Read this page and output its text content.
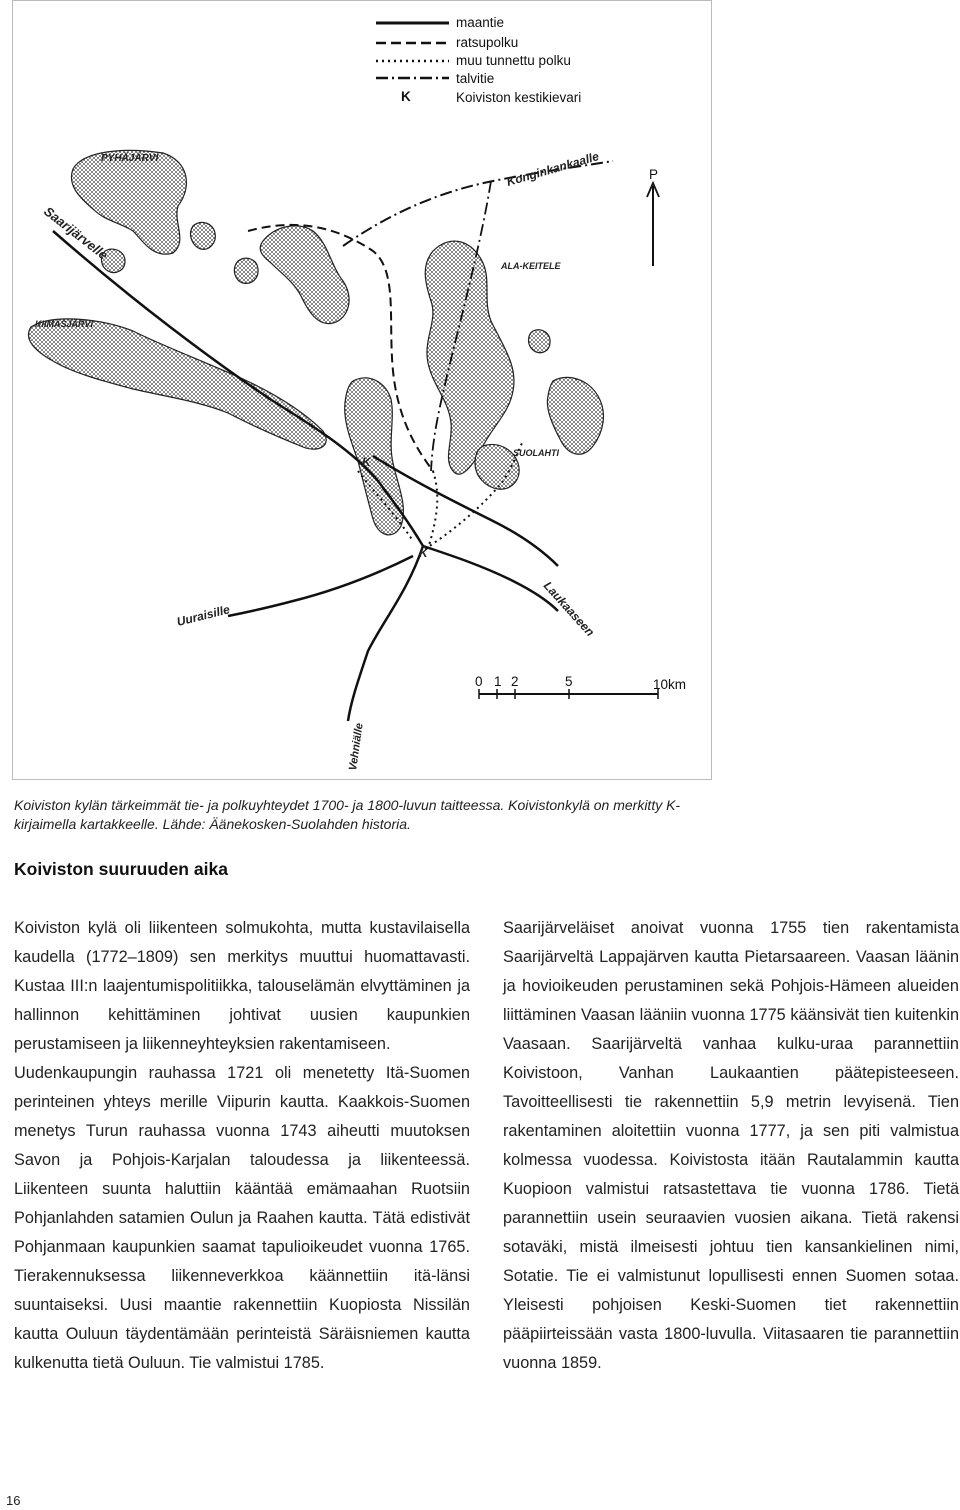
K
maantie
ratsupolku
muu tunnettu polku
talvitie
Koiviston kestikievari
P
0 1 2	5	10km
PYHÄJÄRVI
Saarijärvelle
KIIMASJÄRVI
Konginkankaalle
ALA-KEITELE
SUOLAHTI
Uuraisille	Laukaaseen
Vehniälle
K
K

Koiviston kylän tärkeimmät tie- ja polkuyhteydet 1700- ja 1800-luvun taitteessa. Koivistonkylä on merkitty K-kirjaimella kartakkeelle. Lähde: Äänekosken-Suolahden historia.

Koiviston suuruuden aika

Koiviston kylä oli liikenteen solmukohta, mutta kustavilaisella kaudella (1772–1809) sen merkitys muuttui huomattavasti. Kustaa III:n laajentumispolitiikka, talouselämän elvyttäminen ja hallinnon kehittäminen johtivat uusien kaupunkien perustamiseen ja liikenneyhteyksien rakentamiseen.

Uudenkaupungin rauhassa 1721 oli menetetty Itä-Suomen perinteinen yhteys merille Viipurin kautta. Kaakkois-Suomen menetys Turun rauhassa vuonna 1743 aiheutti muutoksen Savon ja Pohjois-Karjalan taloudessa ja liikenteessä. Liikenteen suunta haluttiin kääntää emämaahan Ruotsiin Pohjanlahden satamien Oulun ja Raahen kautta. Tätä edistivät Pohjanmaan kaupunkien saamat tapulioikeudet vuonna 1765. Tierakennuksessa liikenneverkkoa käännettiin itä-länsi suuntaiseksi. Uusi maantie rakennettiin Kuopiosta Nissilän kautta Ouluun täydentämään perinteistä Säräisniemen kautta kulkenutta tietä Ouluun. Tie valmistui 1785.

Saarijärveläiset anoivat vuonna 1755 tien rakentamista Saarijärveltä Lappajärven kautta Pietarsaareen. Vaasan läänin ja hovioikeuden perustaminen sekä Pohjois-Hämeen alueiden liittäminen Vaasan lääniin vuonna 1775 käänsivät tien kuitenkin Vaasaan. Saarijärveltä vanhaa kulku-uraa parannettiin Koivistoon, Vanhan Laukaantien päätepisteeseen. Tavoitteellisesti tie rakennettiin 5,9 metrin levyisenä. Tien rakentaminen aloitettiin vuonna 1777, ja sen piti valmistua kolmessa vuodessa. Koivistosta itään Rautalammin kautta Kuopioon valmistui ratsastettava tie vuonna 1786. Tietä parannettiin usein seuraavien vuosien aikana. Tietä rakensi sotaväki, mistä ilmeisesti johtuu tien kansankielinen nimi, Sotatie. Tie ei valmistunut lopullisesti ennen Suomen sotaa. Yleisesti pohjoisen Keski-Suomen tiet rakennettiin pääpiirteissään vasta 1800-luvulla. Viitasaaren tie parannettiin vuonna 1859.

16
